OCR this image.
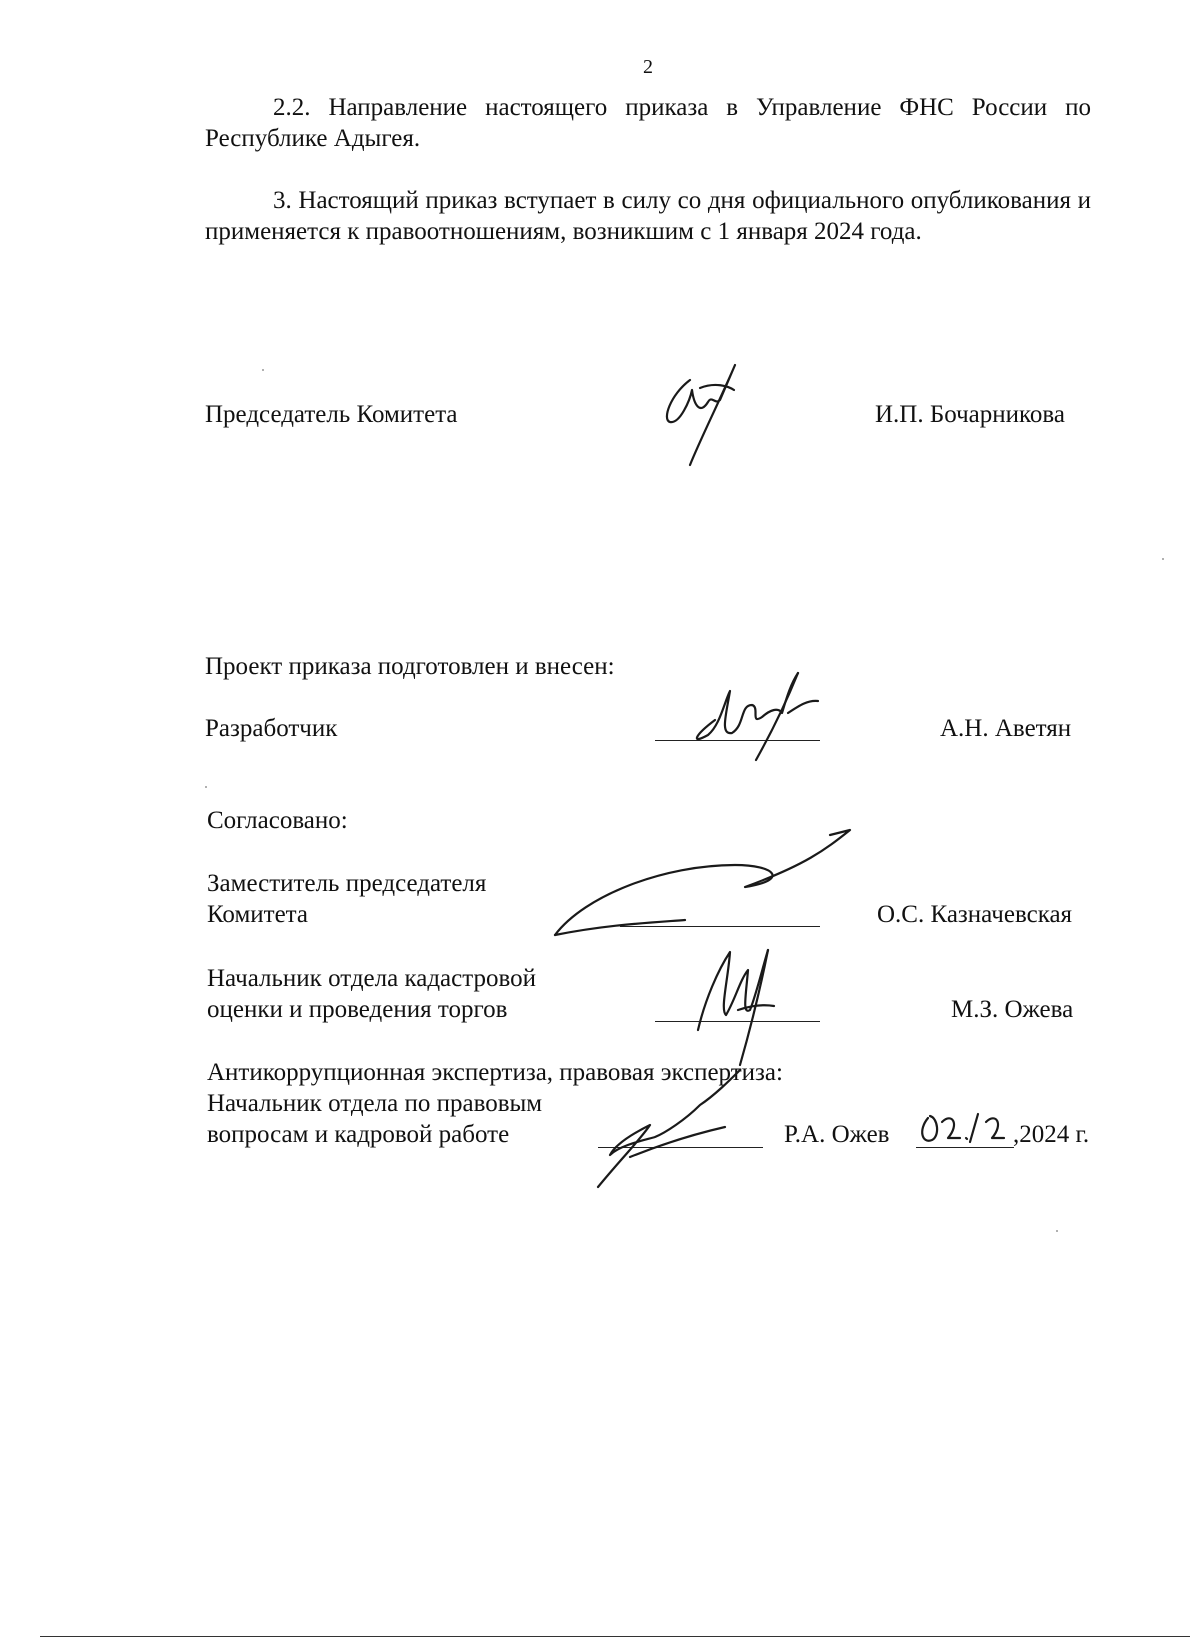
2

2.2. Направление настоящего приказа в Управление ФНС России по Республике Адыгея.

3. Настоящий приказ вступает в силу со дня официального опубликования и применяется к правоотношениям, возникшим с 1 января 2024 года.

Председатель Комитета	И.П. Бочарникова
Проект приказа подготовлен и внесен:
Разработчик	А.Н. Аветян
Согласовано:
Заместитель председателя
Комитета	О.С. Казначевская
Начальник отдела кадастровой
оценки и проведения торгов	М.З. Ожева
Антикоррупционная экспертиза, правовая экспертиза:
Начальник отдела по правовым
вопросам и кадровой работе	Р.А. Ожев	,2024 г.
